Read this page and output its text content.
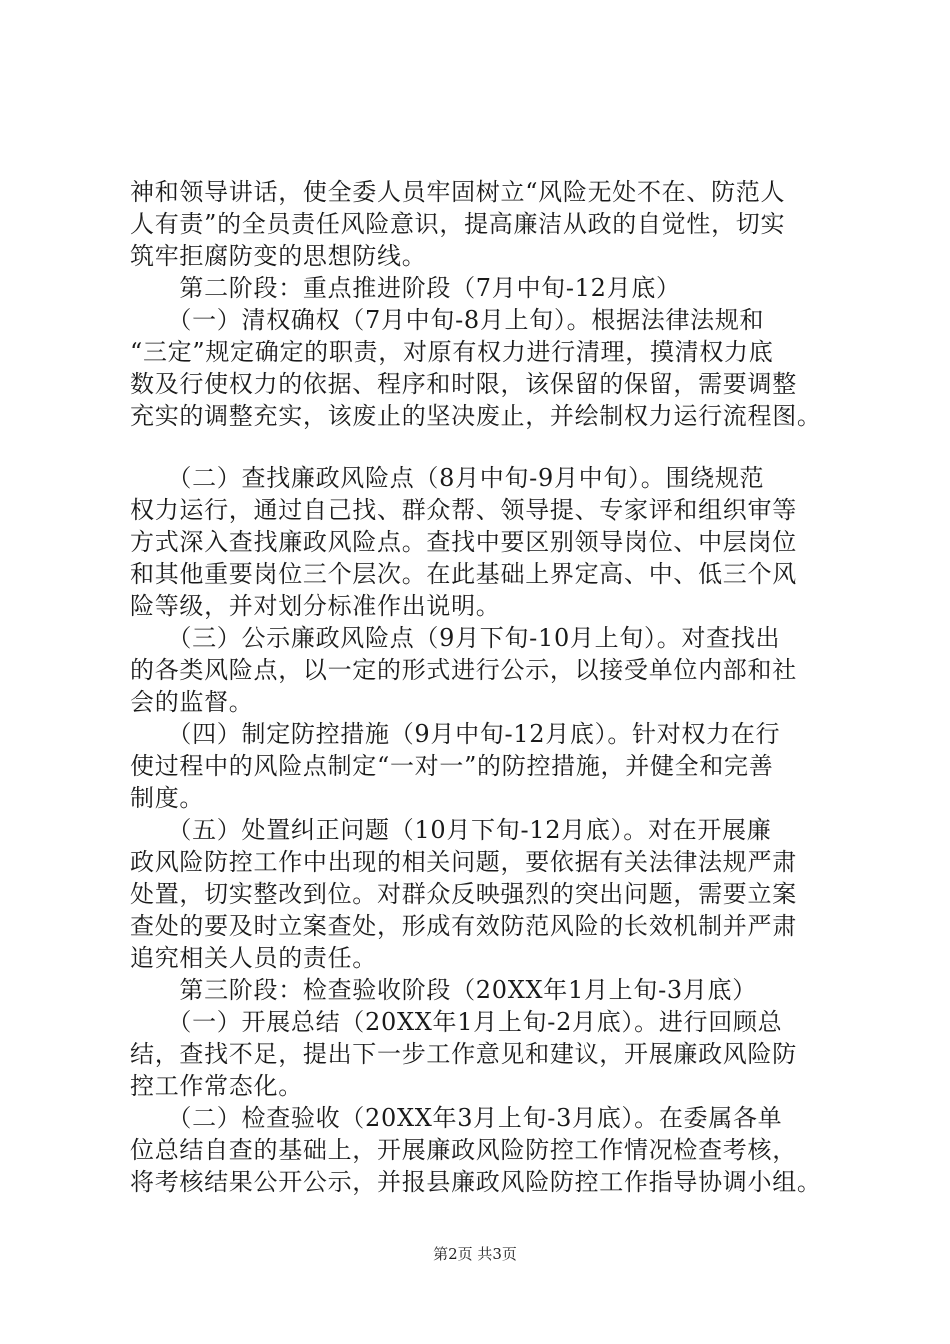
神和领导讲话，使全委人员牢固树立“风险无处不在、防范人
人有责”的全员责任风险意识，提高廉洁从政的自觉性，切实
筑牢拒腐防变的思想防线。
　　第二阶段：重点推进阶段（7月中旬-12月底）
　　（一）清权确权（7月中旬-8月上旬）。根据法律法规和
“三定”规定确定的职责，对原有权力进行清理，摸清权力底
数及行使权力的依据、程序和时限，该保留的保留，需要调整
充实的调整充实，该废止的坚决废止，并绘制权力运行流程图。
　　（二）查找廉政风险点（8月中旬-9月中旬）。围绕规范
权力运行，通过自己找、群众帮、领导提、专家评和组织审等
方式深入查找廉政风险点。查找中要区别领导岗位、中层岗位
和其他重要岗位三个层次。在此基础上界定高、中、低三个风
险等级，并对划分标准作出说明。
　　（三）公示廉政风险点（9月下旬-10月上旬）。对查找出
的各类风险点，以一定的形式进行公示，以接受单位内部和社
会的监督。
　　（四）制定防控措施（9月中旬-12月底）。针对权力在行
使过程中的风险点制定“一对一”的防控措施，并健全和完善
制度。
　　（五）处置纠正问题（10月下旬-12月底）。对在开展廉
政风险防控工作中出现的相关问题，要依据有关法律法规严肃
处置，切实整改到位。对群众反映强烈的突出问题，需要立案
查处的要及时立案查处，形成有效防范风险的长效机制并严肃
追究相关人员的责任。
　　第三阶段：检查验收阶段（20XX年1月上旬-3月底）
　　（一）开展总结（20XX年1月上旬-2月底）。进行回顾总
结，查找不足，提出下一步工作意见和建议，开展廉政风险防
控工作常态化。
　　（二）检查验收（20XX年3月上旬-3月底）。在委属各单
位总结自查的基础上，开展廉政风险防控工作情况检查考核，
将考核结果公开公示，并报县廉政风险防控工作指导协调小组。
第2页 共3页
